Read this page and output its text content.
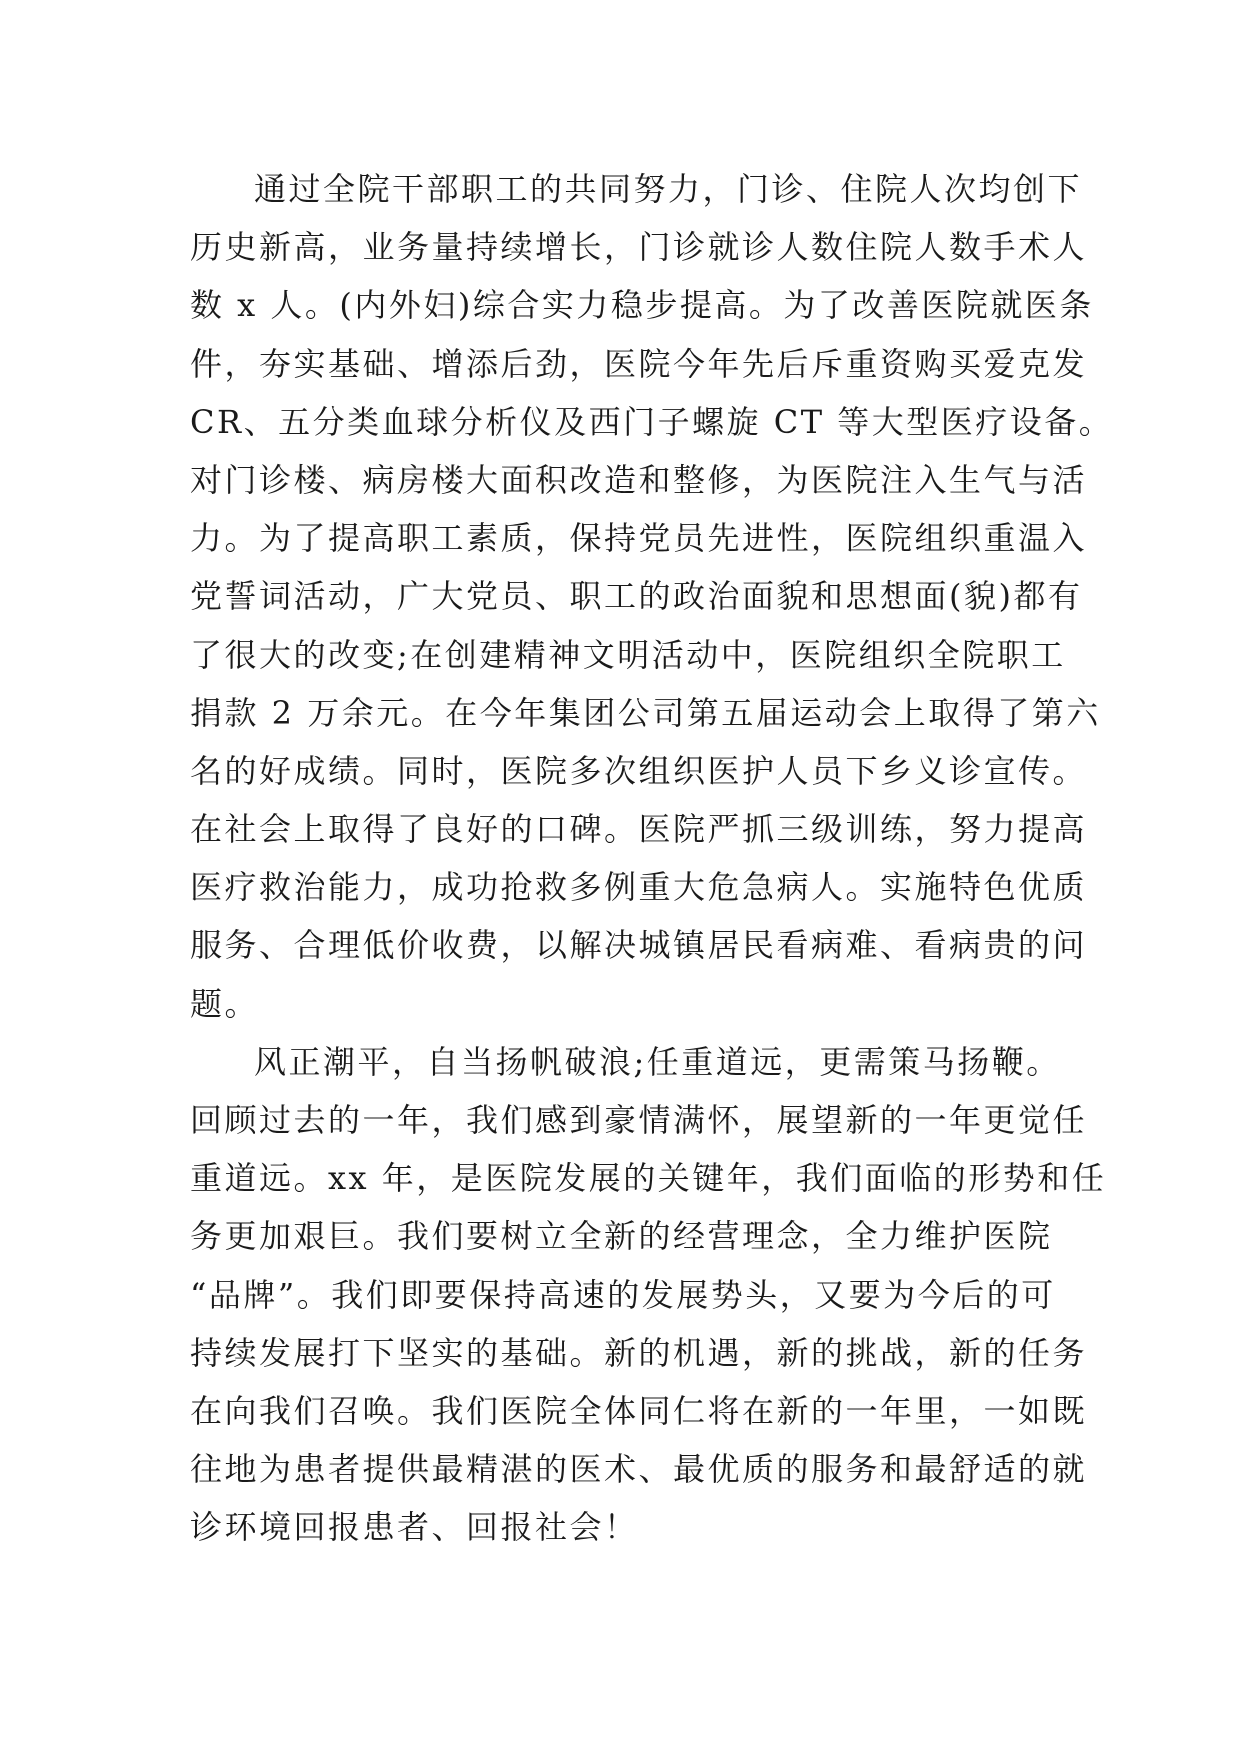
通过全院干部职工的共同努力，门诊、住院人次均创下
历史新高，业务量持续增长，门诊就诊人数住院人数手术人
数 x 人。(内外妇)综合实力稳步提高。为了改善医院就医条
件，夯实基础、增添后劲，医院今年先后斥重资购买爱克发
CR、五分类血球分析仪及西门子螺旋 CT 等大型医疗设备。
对门诊楼、病房楼大面积改造和整修，为医院注入生气与活
力。为了提高职工素质，保持党员先进性，医院组织重温入
党誓词活动，广大党员、职工的政治面貌和思想面(貌)都有
了很大的改变;在创建精神文明活动中，医院组织全院职工
捐款 2 万余元。在今年集团公司第五届运动会上取得了第六
名的好成绩。同时，医院多次组织医护人员下乡义诊宣传。
在社会上取得了良好的口碑。医院严抓三级训练，努力提高
医疗救治能力，成功抢救多例重大危急病人。实施特色优质
服务、合理低价收费，以解决城镇居民看病难、看病贵的问
题。
风正潮平，自当扬帆破浪;任重道远，更需策马扬鞭。
回顾过去的一年，我们感到豪情满怀，展望新的一年更觉任
重道远。xx 年，是医院发展的关键年，我们面临的形势和任
务更加艰巨。我们要树立全新的经营理念，全力维护医院
“品牌”。我们即要保持高速的发展势头，又要为今后的可
持续发展打下坚实的基础。新的机遇，新的挑战，新的任务
在向我们召唤。我们医院全体同仁将在新的一年里，一如既
往地为患者提供最精湛的医术、最优质的服务和最舒适的就
诊环境回报患者、回报社会！
